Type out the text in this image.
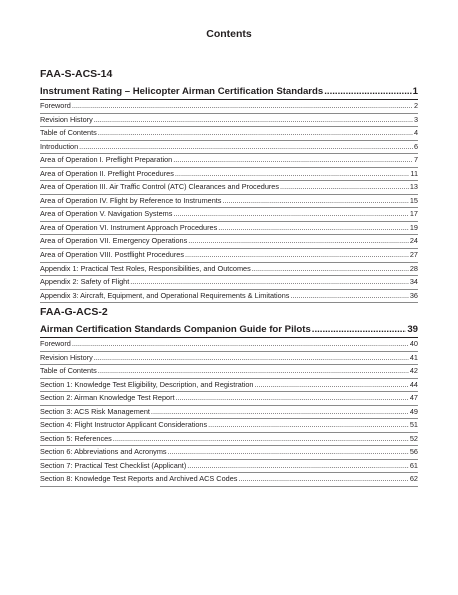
Contents
FAA-S-ACS-14
Instrument Rating – Helicopter Airman Certification Standards .....	1
Foreword .....	2
Revision History .....	3
Table of Contents .....	4
Introduction .....	6
Area of Operation I. Preflight Preparation .....	7
Area of Operation II. Preflight Procedures .....	11
Area of Operation III. Air Traffic Control (ATC) Clearances and Procedures .....	13
Area of Operation IV. Flight by Reference to Instruments .....	15
Area of Operation V. Navigation Systems .....	17
Area of Operation VI. Instrument Approach Procedures .....	19
Area of Operation VII. Emergency Operations .....	24
Area of Operation VIII. Postflight Procedures .....	27
Appendix 1: Practical Test Roles, Responsibilities, and Outcomes .....	28
Appendix 2: Safety of Flight .....	34
Appendix 3: Aircraft, Equipment, and Operational Requirements & Limitations .....	36
FAA-G-ACS-2
Airman Certification Standards Companion Guide for Pilots .....	39
Foreword .....	40
Revision History .....	41
Table of Contents .....	42
Section 1: Knowledge Test Eligibility, Description, and Registration .....	44
Section 2: Airman Knowledge Test Report .....	47
Section 3: ACS Risk Management .....	49
Section 4: Flight Instructor Applicant Considerations .....	51
Section 5: References .....	52
Section 6: Abbreviations and Acronyms .....	56
Section 7: Practical Test Checklist (Applicant) .....	61
Section 8: Knowledge Test Reports and Archived ACS Codes .....	62
